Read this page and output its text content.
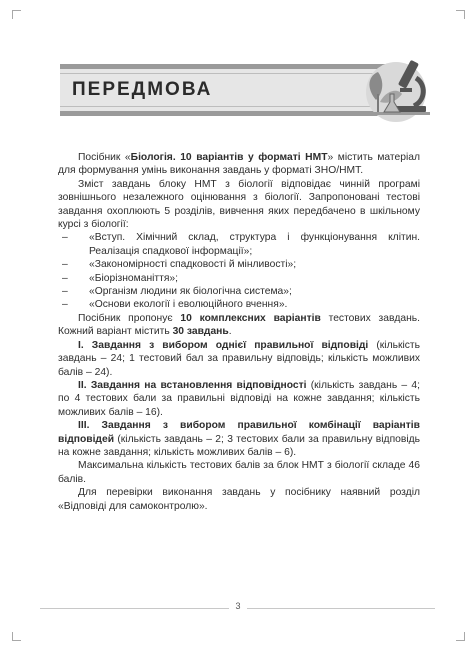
ПЕРЕДМОВА

Посібник «Біологія. 10 варіантів у форматі НМТ» містить матеріал для формування умінь виконання завдань у форматі ЗНО/НМТ.

Зміст завдань блоку НМТ з біології відповідає чинній програмі зовнішнього незалежного оцінювання з біології. Запропоновані тестові завдання охоплюють 5 розділів, вивчення яких передбачено в шкільному курсі з біології:

– «Вступ. Хімічний склад, структура і функціонування клітин. Реалізація спадкової інформації»;
– «Закономірності спадковості й мінливості»;
– «Біорізноманіття»;
– «Організм людини як біологічна система»;
– «Основи екології і еволюційного вчення».

Посібник пропонує 10 комплексних варіантів тестових завдань. Кожний варіант містить 30 завдань.

I. Завдання з вибором однієї правильної відповіді (кількість завдань – 24; 1 тестовий бал за правильну відповідь; кількість можливих балів – 24).

II. Завдання на встановлення відповідності (кількість завдань – 4; по 4 тестових бали за правильні відповіді на кожне завдання; кількість можливих балів – 16).

III. Завдання з вибором правильної комбінації варіантів відповідей (кількість завдань – 2; 3 тестових бали за правильну відповідь на кожне завдання; кількість можливих балів – 6).

Максимальна кількість тестових балів за блок НМТ з біології складе 46 балів.

Для перевірки виконання завдань у посібнику наявний розділ «Відповіді для самоконтролю».

3
